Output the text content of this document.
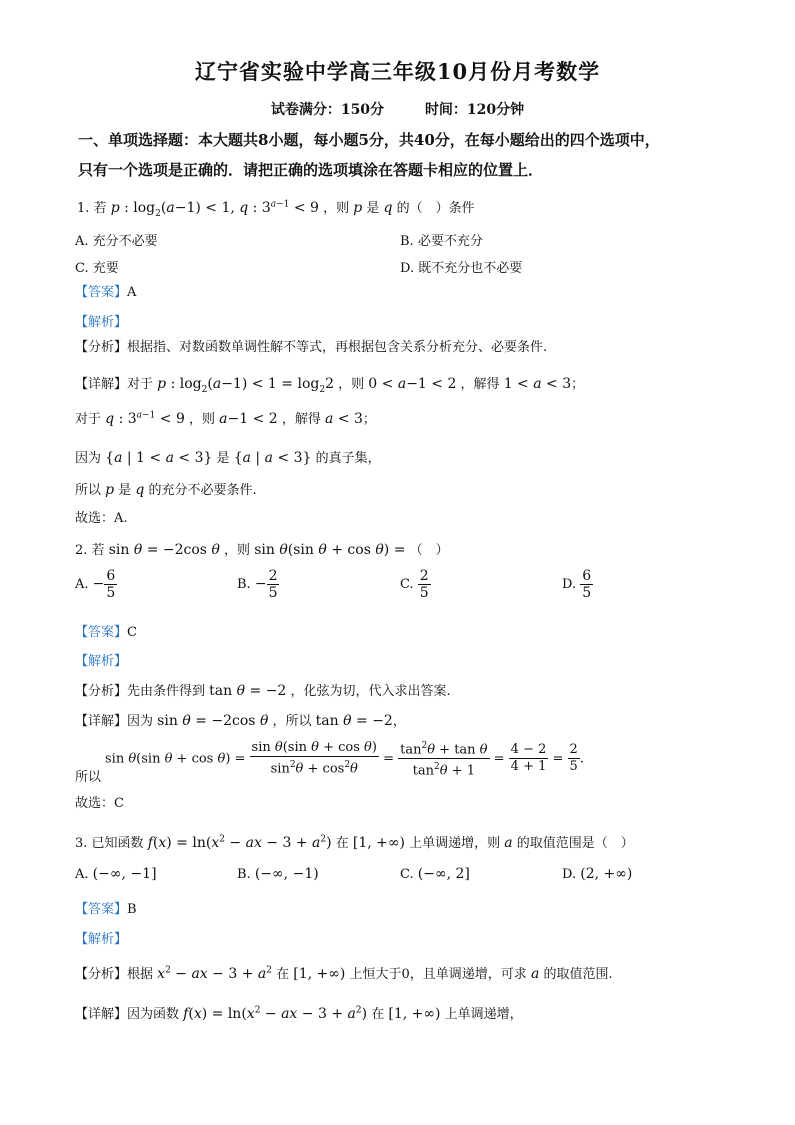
辽宁省实验中学高三年级10月份月考数学
试卷满分：150分	时间：120分钟
一、单项选择题：本大题共8小题，每小题5分，共40分，在每小题给出的四个选项中，
只有一个选项是正确的．请把正确的选项填涂在答题卡相应的位置上．
1. 若 p : $\log_2(a-1) < 1$, q : $3^{a-1} < 9$ ，则 p 是 q 的（　）条件
A. 充分不必要	B. 必要不充分
C. 充要	D. 既不充分也不必要
【答案】A
【解析】
【分析】根据指、对数函数单调性解不等式，再根据包含关系分析充分、必要条件.
【详解】对于 p : $\log_2(a-1) < 1 = \log_22$ ，则 0 < a−1 < 2 ，解得 1 < a < 3；
对于 q : $3^{a-1} < 9$ ，则 a−1 < 2 ，解得 a < 3；
因为 {a | 1 < a < 3} 是 {a | a < 3} 的真子集，
所以 p 是 q 的充分不必要条件.
故选：A.
2. 若 sin θ = −2cos θ ，则 sin θ(sin θ + cos θ) = （　）
A. − $\frac{6}{5}$	B. − $\frac{2}{5}$	C. $\frac{2}{5}$	D. $\frac{6}{5}$
【答案】C
【解析】
【分析】先由条件得到 tan θ = −2 ，化弦为切，代入求出答案.
【详解】因为 sin θ = −2cos θ ，所以 tan θ = −2，
所以
sin θ(sin $\theta + \cos \theta) = \frac{\text{sin θ(sin θ + cos θ)}}{\sin^2\theta + \cos^2\theta} = \frac{\tan^2\theta + \tan \theta}{\tan^2\theta + 1} = \frac{4 - 2}{4 + 1} = \frac{2}{5}$ .
故选：C
3. 已知函数 $f(x) = \ln(x^2$ − ax − $3 + a^2$) 在 [1, +∞) 上单调递增，则 a 的取值范围是（　）
A. (−∞, −1]	B. (−∞, −1)	C. (−∞, 2]	D. (2, +∞)
【答案】B
【解析】
【分析】根据 $x^2$ − ax − $3 + a^2$ 在 [1, +∞) 上恒大于0，且单调递增，可求 a 的取值范围.
【详解】因为函数 $f(x) = \ln(x^2$ − ax − $3 + a^2$) 在 [1, +∞) 上单调递增，
